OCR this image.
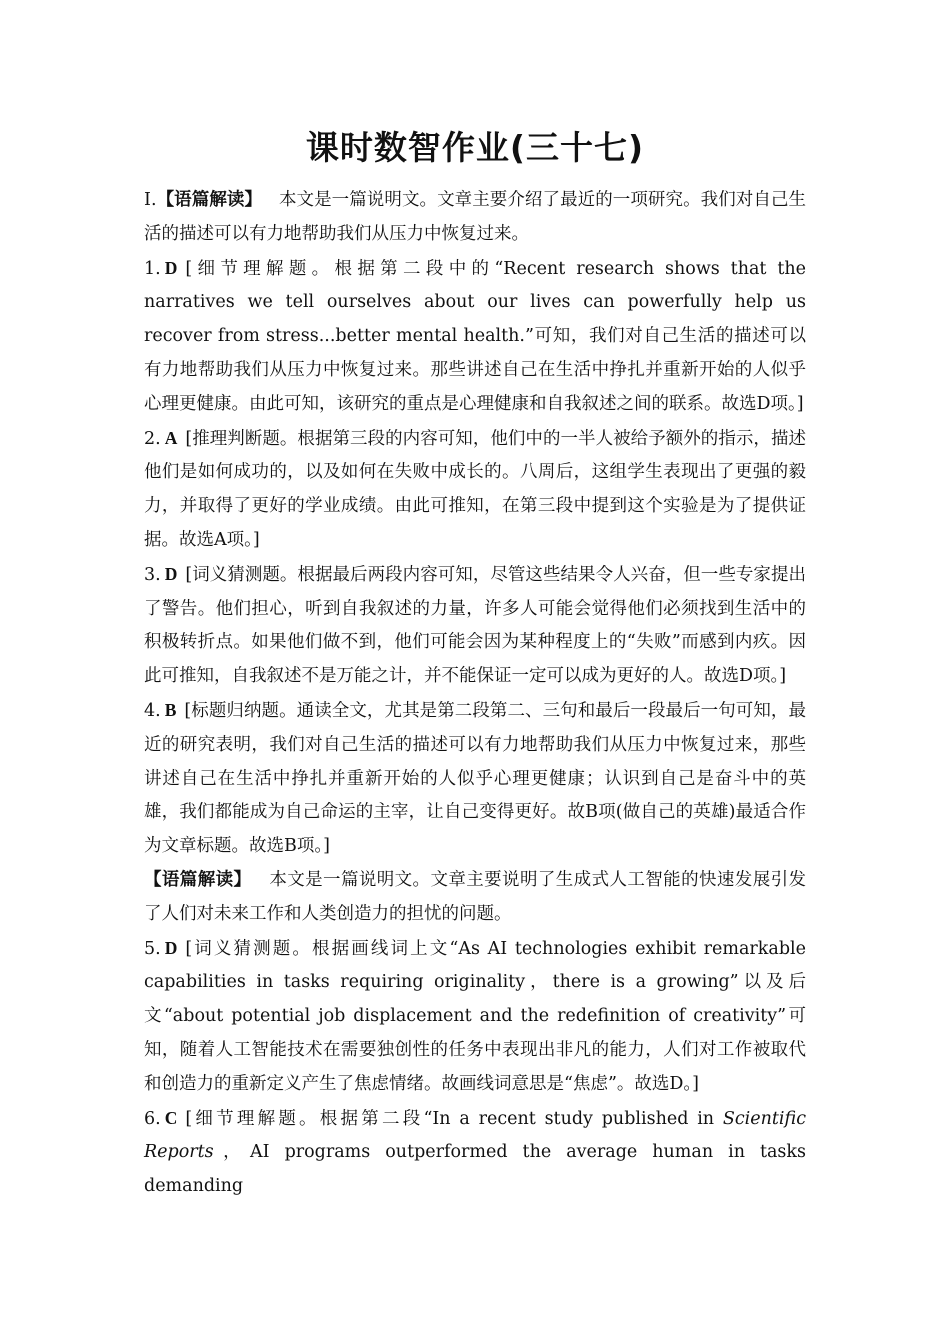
课时数智作业(三十七)

Ⅰ.【语篇解读】 本文是一篇说明文。文章主要介绍了最近的一项研究。我们对自己生活的描述可以有力地帮助我们从压力中恢复过来。

1. D [细节理解题。根据第二段中的“Recent research shows that the narratives we tell ourselves about our lives can powerfully help us recover from stress...better mental health.”可知，我们对自己生活的描述可以有力地帮助我们从压力中恢复过来。那些讲述自己在生活中挣扎并重新开始的人似乎心理更健康。由此可知，该研究的重点是心理健康和自我叙述之间的联系。故选D项。]

2. A [推理判断题。根据第三段的内容可知，他们中的一半人被给予额外的指示，描述他们是如何成功的，以及如何在失败中成长的。八周后，这组学生表现出了更强的毅力，并取得了更好的学业成绩。由此可推知，在第三段中提到这个实验是为了提供证据。故选A项。]

3. D [词义猜测题。根据最后两段内容可知，尽管这些结果令人兴奋，但一些专家提出了警告。他们担心，听到自我叙述的力量，许多人可能会觉得他们必须找到生活中的积极转折点。如果他们做不到，他们可能会因为某种程度上的“失败”而感到内疚。因此可推知，自我叙述不是万能之计，并不能保证一定可以成为更好的人。故选D项。]

4. B [标题归纳题。通读全文，尤其是第二段第二、三句和最后一段最后一句可知，最近的研究表明，我们对自己生活的描述可以有力地帮助我们从压力中恢复过来，那些讲述自己在生活中挣扎并重新开始的人似乎心理更健康；认识到自己是奋斗中的英雄，我们都能成为自己命运的主宰，让自己变得更好。故B项(做自己的英雄)最适合作为文章标题。故选B项。]

【语篇解读】 本文是一篇说明文。文章主要说明了生成式人工智能的快速发展引发了人们对未来工作和人类创造力的担忧的问题。

5. D [词义猜测题。根据画线词上文“As AI technologies exhibit remarkable capabilities in tasks requiring originality，there is a growing”以及后文“about potential job displacement and the redefinition of creativity”可知，随着人工智能技术在需要独创性的任务中表现出非凡的能力，人们对工作被取代和创造力的重新定义产生了焦虑情绪。故画线词意思是“焦虑”。故选D。]

6. C [细节理解题。根据第二段“In a recent study published in Scientific Reports，AI programs outperformed the average human in tasks demanding
